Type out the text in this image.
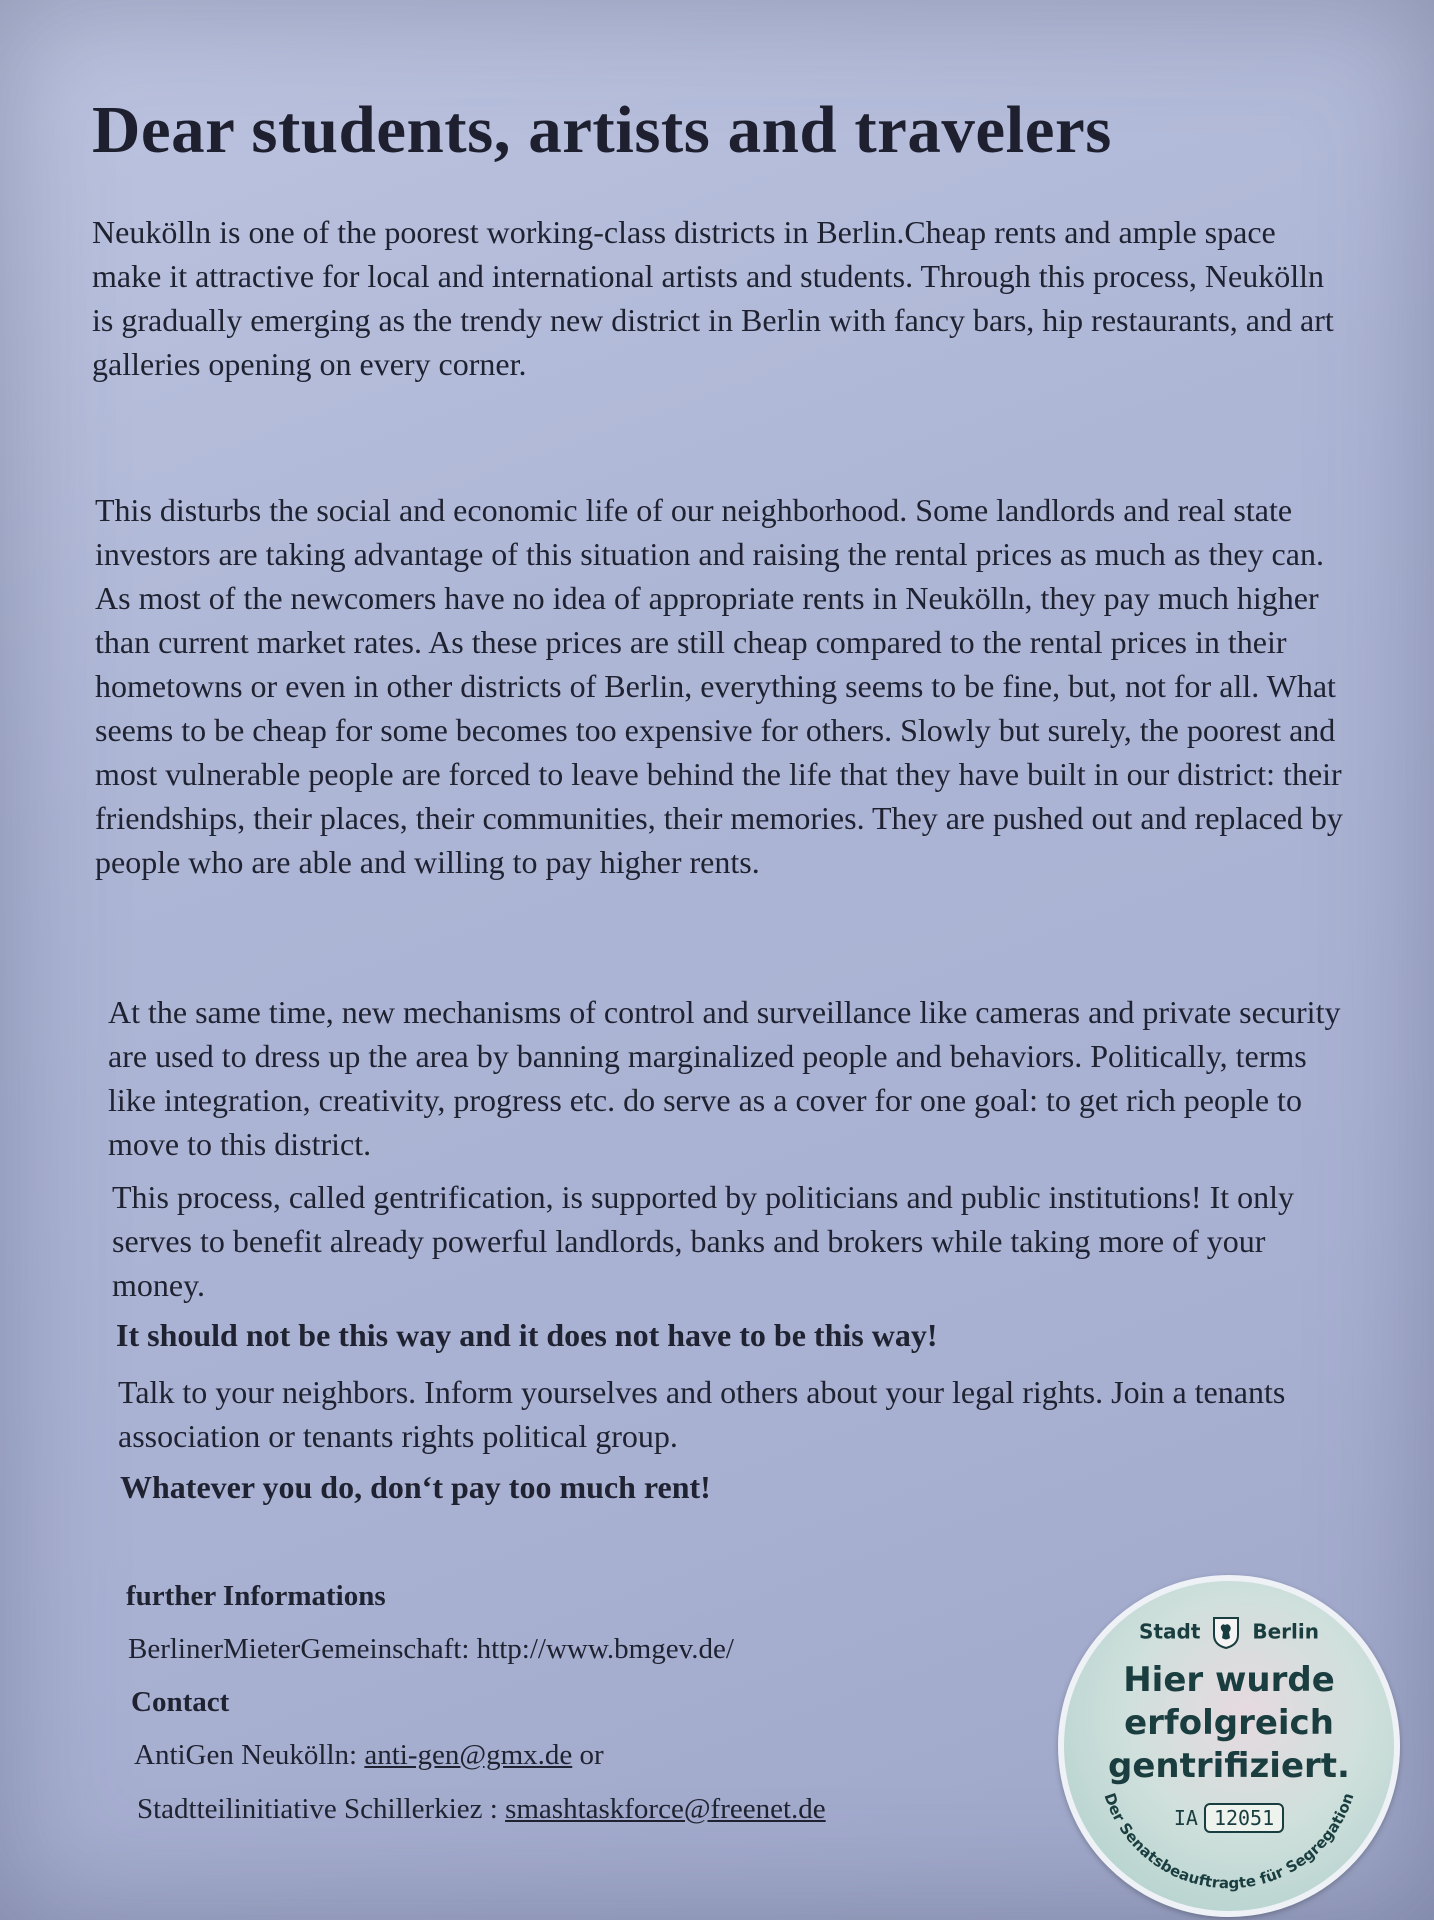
Dear students, artists and travelers

Neukölln is one of the poorest working-class districts in Berlin.Cheap rents and ample space make it attractive for local and international artists and students. Through this process, Neukölln is gradually emerging as the trendy new district in Berlin with fancy bars, hip restaurants, and art galleries opening on every corner.

This disturbs the social and economic life of our neighborhood. Some landlords and real state investors are taking advantage of this situation and raising the rental prices as much as they can. As most of the newcomers have no idea of appropriate rents in Neukölln, they pay much higher than current market rates. As these prices are still cheap compared to the rental prices in their hometowns or even in other districts of Berlin, everything seems to be fine, but, not for all. What seems to be cheap for some becomes too expensive for others. Slowly but surely, the poorest and most vulnerable people are forced to leave behind the life that they have built in our district: their friendships, their places, their communities, their memories. They are pushed out and replaced by people who are able and willing to pay higher rents.

At the same time, new mechanisms of control and surveillance like cameras and private security are used to dress up the area by banning marginalized people and behaviors. Politically, terms like integration, creativity, progress etc. do serve as a cover for one goal: to get rich people to move to this district.

This process, called gentrification, is supported by politicians and public institutions! It only serves to benefit already powerful landlords, banks and brokers while taking more of your money.

It should not be this way and it does not have to be this way!

Talk to your neighbors. Inform yourselves and others about your legal rights. Join a tenants association or tenants rights political group.

Whatever you do, don‘t pay too much rent!

further Informations
BerlinerMieterGemeinschaft: http://www.bmgev.de/
Contact
AntiGen Neukölln: anti-gen@gmx.de or
Stadtteilinitiative Schillerkiez : smashtaskforce@freenet.de
Stadt	Berlin
Hier wurde
erfolgreich
gentrifiziert.
IA 12051
Der Senatsbeauftragte für Segregation
